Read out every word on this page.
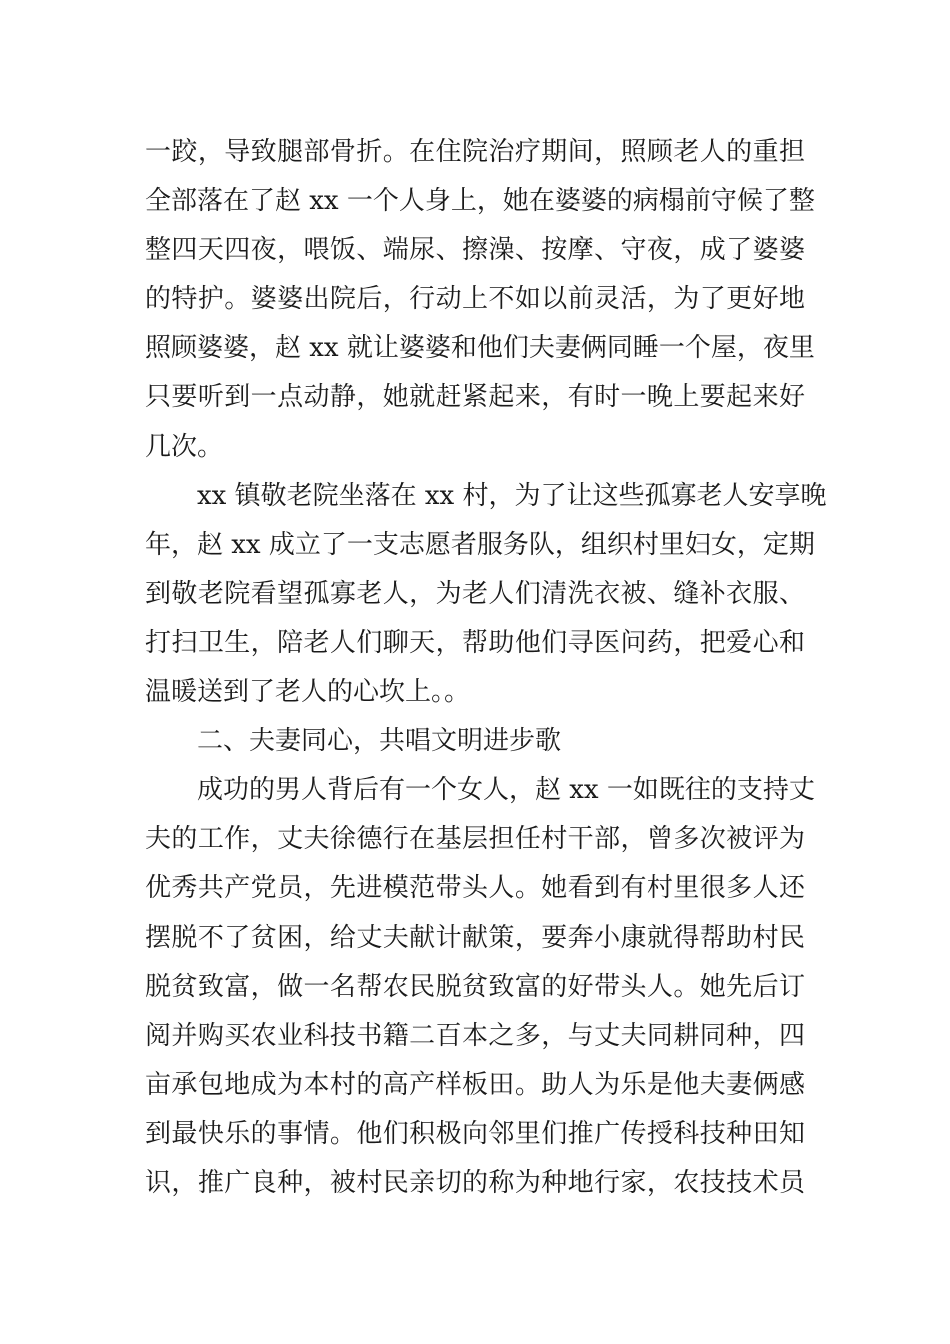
一跤，导致腿部骨折。在住院治疗期间，照顾老人的重担
全部落在了赵 xx 一个人身上，她在婆婆的病榻前守候了整
整四天四夜，喂饭、端尿、擦澡、按摩、守夜，成了婆婆
的特护。婆婆出院后，行动上不如以前灵活，为了更好地
照顾婆婆，赵 xx 就让婆婆和他们夫妻俩同睡一个屋，夜里
只要听到一点动静，她就赶紧起来，有时一晚上要起来好
几次。
xx 镇敬老院坐落在 xx 村，为了让这些孤寡老人安享晚
年，赵 xx 成立了一支志愿者服务队，组织村里妇女，定期
到敬老院看望孤寡老人，为老人们清洗衣被、缝补衣服、
打扫卫生，陪老人们聊天，帮助他们寻医问药，把爱心和
温暖送到了老人的心坎上。。
二、夫妻同心，共唱文明进步歌
成功的男人背后有一个女人，赵 xx 一如既往的支持丈
夫的工作，丈夫徐德行在基层担任村干部，曾多次被评为
优秀共产党员，先进模范带头人。她看到有村里很多人还
摆脱不了贫困，给丈夫献计献策，要奔小康就得帮助村民
脱贫致富，做一名帮农民脱贫致富的好带头人。她先后订
阅并购买农业科技书籍二百本之多，与丈夫同耕同种，四
亩承包地成为本村的高产样板田。助人为乐是他夫妻俩感
到最快乐的事情。他们积极向邻里们推广传授科技种田知
识，推广良种，被村民亲切的称为种地行家，农技技术员
